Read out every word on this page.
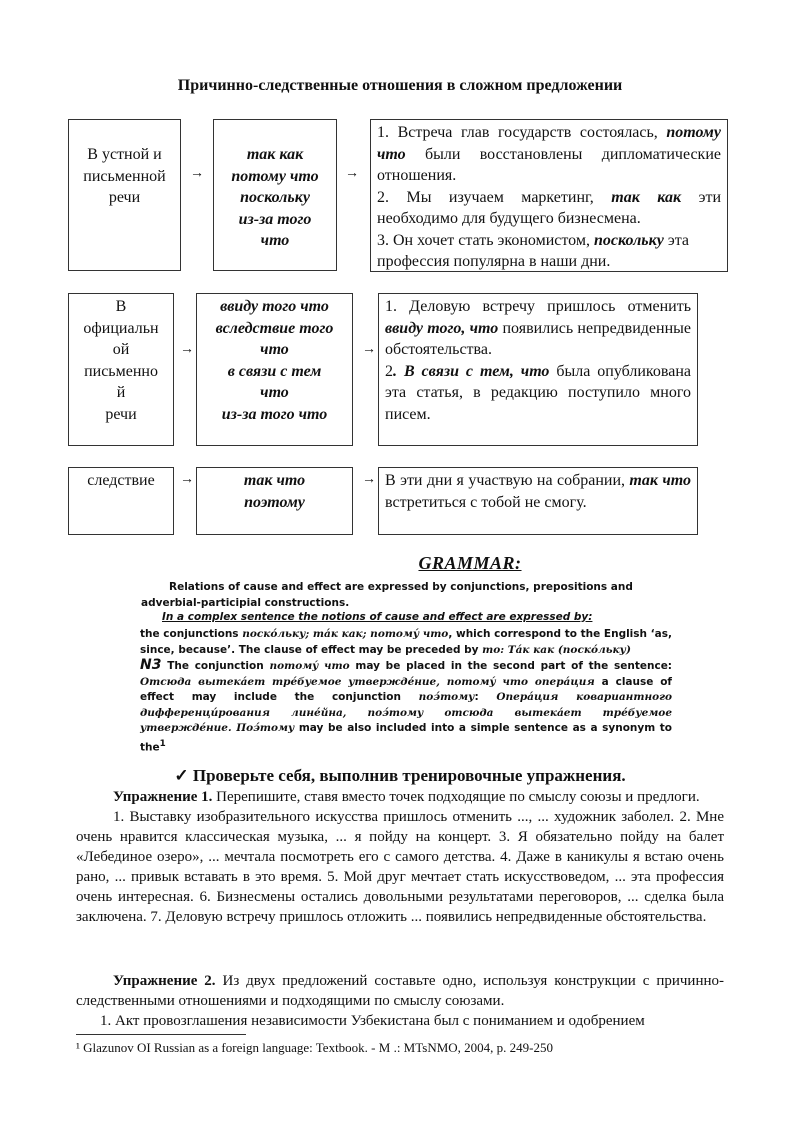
Причинно-следственные отношения в сложном предложении
В устной и
письменной
речи
→
так как
потому что
поскольку
из-за того
что
→
1. Встреча глав государств состоялась, потому что были восстановлены дипломатические отношения.
2. Мы изучаем маркетинг, так как эти необходимо для будущего бизнесмена.
3. Он хочет стать экономистом, поскольку эта профессия популярна в наши дни.
В
официальн
ой
письменно
й
речи
→
ввиду того что
вследствие того
что
в связи с тем
что
из-за того что
→
1. Деловую встречу пришлось отменить ввиду того, что появились непредвиденные обстоятельства.
2. В связи с тем, что была опубликована эта статья, в редакцию поступило много писем.
следствие	→	так что
поэтому
→ В эти дни я участвую на собрании, так что встретиться с тобой не смогу.
GRAMMAR:
Relations of cause and effect are expressed by conjunctions, prepositions and adverbial-participial constructions.
In a complex sentence the notions of cause and effect are expressed by:
the conjunctions поскóльку; тáк как; потомý что, which correspond to the English ‘as, since, because’. The clause of effect may be preceded by то: Тáк как (поскóльку)
N3 The conjunction потомý что may be placed in the second part of the sentence: Отсюда вытекáет трéбуемое утверждéние, потомý что оперáция a clause of effect may include the conjunction поэ́тому: Оперáция ковариантного дифференцúрования линéйна, поэ́тому отсюда вытекáет трéбуемое утверждéние. Поэ́тому may be also included into a simple sentence as a synonym to the$^1$
✓ Проверьте себя, выполнив тренировочные упражнения.
Упражнение 1. Перепишите, ставя вместо точек подходящие по смыслу союзы и предлоги.
1. Выставку изобразительного искусства пришлось отменить ..., ... художник заболел. 2. Мне очень нравится классическая музыка, ... я пойду на концерт. 3. Я обязательно пойду на балет «Лебединое озеро», ... мечтала посмотреть его с самого детства. 4. Даже в каникулы я встаю очень рано, ... привык вставать в это время. 5. Мой друг мечтает стать искусствоведом, ... эта профессия очень интересная. 6. Бизнесмены остались довольными результатами переговоров, ... сделка была заключена. 7. Деловую встречу пришлось отложить ... появились непредвиденные обстоятельства.
Упражнение 2. Из двух предложений составьте одно, используя конструкции с причинно-следственными отношениями и подходящими по смыслу союзами.
1. Акт провозглашения независимости Узбекистана был с пониманием и одобрением
¹ Glazunov OI Russian as a foreign language: Textbook. - M .: MTsNMO, 2004, p. 249-250
